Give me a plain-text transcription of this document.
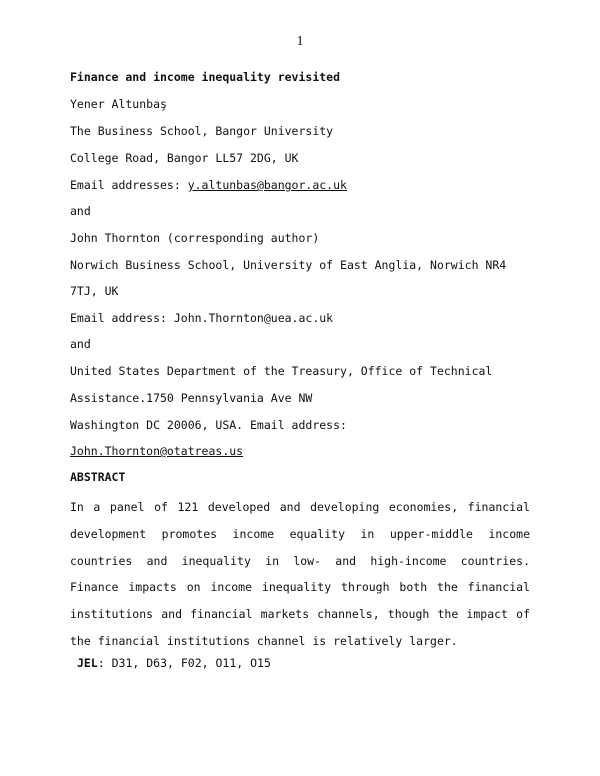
1
Finance and income inequality revisited
Yener Altunbaş
The Business School, Bangor University
College Road, Bangor LL57 2DG, UK
Email addresses: y.altunbas@bangor.ac.uk
and
John Thornton (corresponding author)
Norwich Business School, University of East Anglia, Norwich NR4
7TJ, UK
Email address: John.Thornton@uea.ac.uk
and
United States Department of the Treasury, Office of Technical
Assistance.1750 Pennsylvania Ave NW
Washington DC 20006, USA. Email address:
John.Thornton@otatreas.us
ABSTRACT
In a panel of 121 developed and developing economies, financial
development promotes income equality in upper-middle income
countries and inequality in low- and high-income countries.
Finance impacts on income inequality through both the financial
institutions and financial markets channels, though the impact of
the financial institutions channel is relatively larger.
JEL: D31, D63, F02, O11, O15
